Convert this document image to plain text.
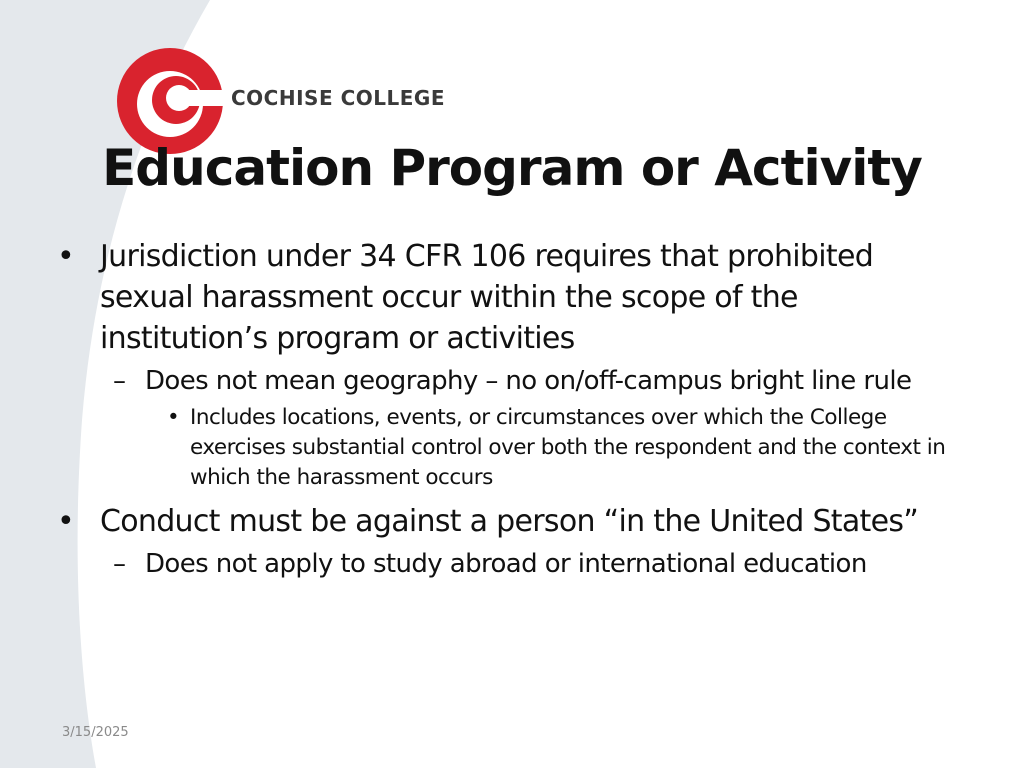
COCHISE COLLEGE
Education Program or Activity
• Jurisdiction under 34 CFR 106 requires that prohibited sexual harassment occur within the scope of the institution’s program or activities
– Does not mean geography – no on/off-campus bright line rule
• Includes locations, events, or circumstances over which the College exercises substantial control over both the respondent and the context in which the harassment occurs
• Conduct must be against a person “in the United States”
– Does not apply to study abroad or international education
3/15/2025
